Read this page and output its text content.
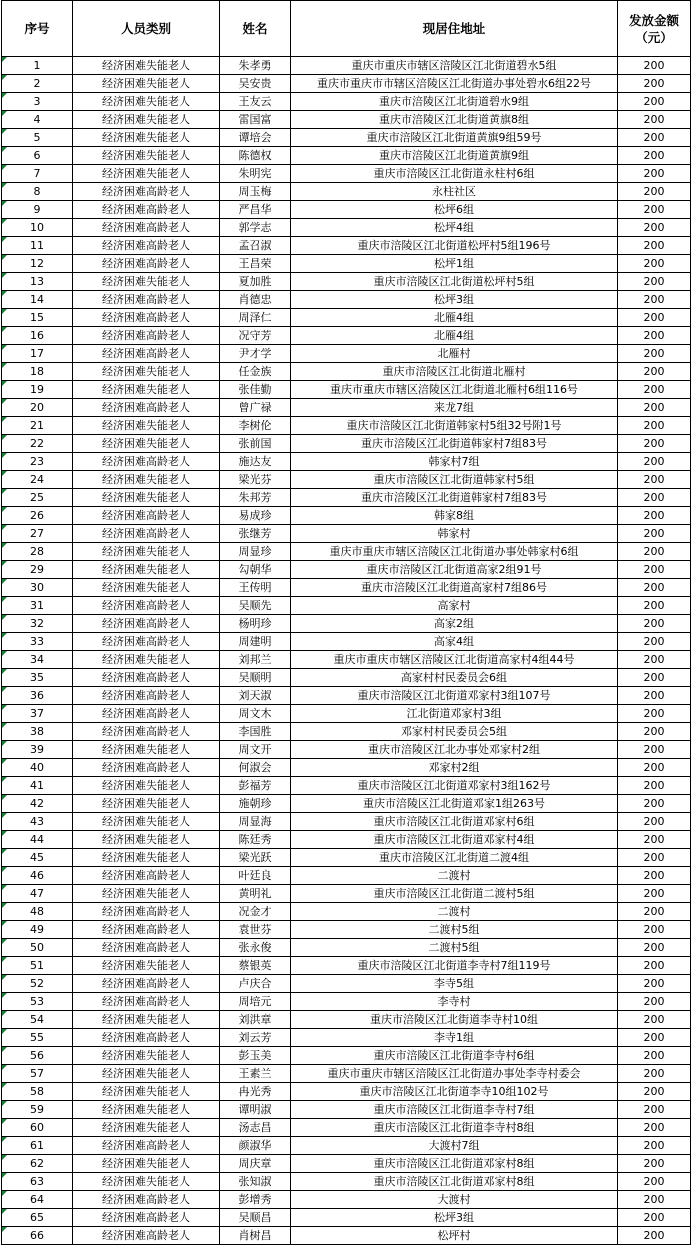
序号	人员类别	姓名	现居住地址	发放金额
（元）
1	经济困难失能老人	朱孝勇	重庆市重庆市辖区涪陵区江北街道碧水5组	200
2	经济困难失能老人	吴安贵	重庆市重庆市市辖区涪陵区江北街道办事处碧水6组22号	200
3	经济困难失能老人	王友云	重庆市涪陵区江北街道碧水9组	200
4	经济困难失能老人	雷国富	重庆市涪陵区江北街道黄旗8组	200
5	经济困难失能老人	谭培会	重庆市涪陵区江北街道黄旗9组59号	200
6	经济困难失能老人	陈德权	重庆市涪陵区江北街道黄旗9组	200
7	经济困难失能老人	朱明宪	重庆市涪陵区江北街道永柱村6组	200
8	经济困难高龄老人	周玉梅	永柱社区	200
9	经济困难高龄老人	严昌华	松坪6组	200
10	经济困难高龄老人	郭学志	松坪4组	200
11	经济困难高龄老人	孟召淑	重庆市涪陵区江北街道松坪村5组196号	200
12	经济困难高龄老人	王昌荣	松坪1组	200
13	经济困难失能老人	夏加胜	重庆市涪陵区江北街道松坪村5组	200
14	经济困难高龄老人	肖德忠	松坪3组	200
15	经济困难高龄老人	周泽仁	北雁4组	200
16	经济困难高龄老人	况守芳	北雁4组	200
17	经济困难高龄老人	尹才学	北雁村	200
18	经济困难失能老人	任金族	重庆市涪陵区江北街道北雁村	200
19	经济困难失能老人	张佳勤	重庆市重庆市辖区涪陵区江北街道北雁村6组116号	200
20	经济困难高龄老人	曾广禄	来龙7组	200
21	经济困难失能老人	李树伦	重庆市涪陵区江北街道韩家村5组32号附1号	200
22	经济困难失能老人	张前国	重庆市涪陵区江北街道韩家村7组83号	200
23	经济困难高龄老人	施达友	韩家村7组	200
24	经济困难失能老人	梁光芬	重庆市涪陵区江北街道韩家村5组	200
25	经济困难失能老人	朱邦芳	重庆市涪陵区江北街道韩家村7组83号	200
26	经济困难高龄老人	易成珍	韩家8组	200
27	经济困难高龄老人	张继芳	韩家村	200
28	经济困难失能老人	周显珍	重庆市重庆市辖区涪陵区江北街道办事处韩家村6组	200
29	经济困难失能老人	勾朝华	重庆市涪陵区江北街道高家2组91号	200
30	经济困难失能老人	王传明	重庆市涪陵区江北街道高家村7组86号	200
31	经济困难高龄老人	吴顺先	高家村	200
32	经济困难高龄老人	杨明珍	高家2组	200
33	经济困难高龄老人	周建明	高家4组	200
34	经济困难失能老人	刘邦兰	重庆市重庆市辖区涪陵区江北街道高家村4组44号	200
35	经济困难高龄老人	吴顺明	高家村村民委员会6组	200
36	经济困难高龄老人	刘天淑	重庆市涪陵区江北街道邓家村3组107号	200
37	经济困难高龄老人	周文木	江北街道邓家村3组	200
38	经济困难高龄老人	李国胜	邓家村村民委员会5组	200
39	经济困难失能老人	周文开	重庆市涪陵区江北办事处邓家村2组	200
40	经济困难高龄老人	何淑会	邓家村2组	200
41	经济困难失能老人	彭福芳	重庆市涪陵区江北街道邓家村3组162号	200
42	经济困难失能老人	施朝珍	重庆市涪陵区江北街道邓家1组263号	200
43	经济困难失能老人	周显海	重庆市涪陵区江北街道邓家村6组	200
44	经济困难失能老人	陈廷秀	重庆市涪陵区江北街道邓家村4组	200
45	经济困难失能老人	梁光跃	重庆市涪陵区江北街道二渡4组	200
46	经济困难高龄老人	叶廷良	二渡村	200
47	经济困难失能老人	黄明礼	重庆市涪陵区江北街道二渡村5组	200
48	经济困难高龄老人	况金才	二渡村	200
49	经济困难高龄老人	袁世芬	二渡村5组	200
50	经济困难高龄老人	张永俊	二渡村5组	200
51	经济困难失能老人	蔡银英	重庆市涪陵区江北街道李寺村7组119号	200
52	经济困难高龄老人	卢庆合	李寺5组	200
53	经济困难高龄老人	周培元	李寺村	200
54	经济困难失能老人	刘洪章	重庆市涪陵区江北街道李寺村10组	200
55	经济困难高龄老人	刘云芳	李寺1组	200
56	经济困难失能老人	彭玉美	重庆市涪陵区江北街道李寺村6组	200
57	经济困难失能老人	王素兰	重庆市重庆市辖区涪陵区江北街道办事处李寺村委会	200
58	经济困难失能老人	冉光秀	重庆市涪陵区江北街道李寺10组102号	200
59	经济困难失能老人	谭明淑	重庆市涪陵区江北街道李寺村7组	200
60	经济困难失能老人	汤志昌	重庆市涪陵区江北街道李寺村8组	200
61	经济困难高龄老人	颜淑华	大渡村7组	200
62	经济困难失能老人	周庆章	重庆市涪陵区江北街道邓家村8组	200
63	经济困难失能老人	张知淑	重庆市涪陵区江北街道邓家村8组	200
64	经济困难高龄老人	彭增秀	大渡村	200
65	经济困难高龄老人	吴顺昌	松坪3组	200
66	经济困难高龄老人	肖树昌	松坪村	200
